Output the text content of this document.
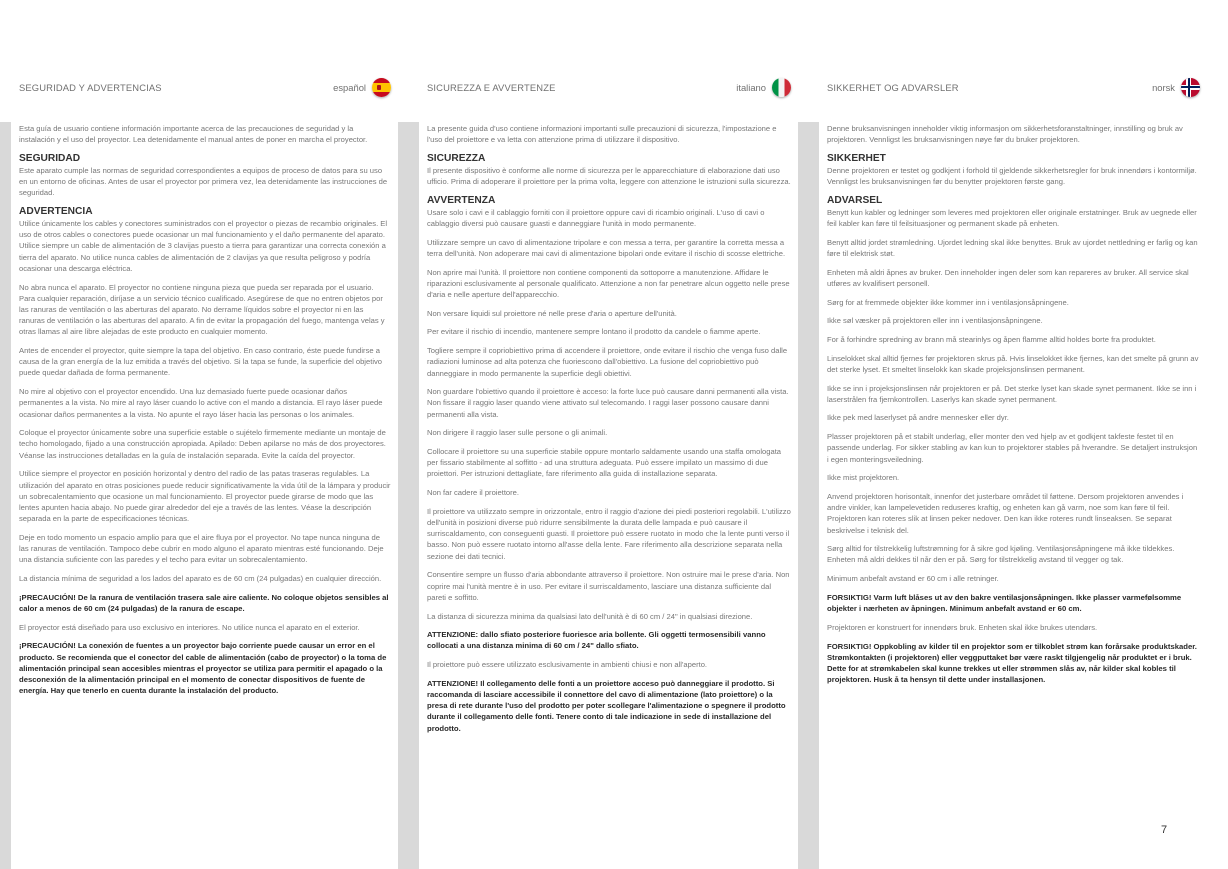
SEGURIDAD Y ADVERTENCIAS	español

Esta guía de usuario contiene información importante acerca de las precauciones de seguridad y la instalación y el uso del proyector. Lea detenidamente el manual antes de poner en marcha el proyector.

SEGURIDAD

Este aparato cumple las normas de seguridad correspondientes a equipos de proceso de datos para su uso en un entorno de oficinas. Antes de usar el proyector por primera vez, lea detenidamente las instrucciones de seguridad.

ADVERTENCIA

Utilice únicamente los cables y conectores suministrados con el proyector o piezas de recambio originales. El uso de otros cables o conectores puede ocasionar un mal funcionamiento y el daño permanente del aparato. Utilice siempre un cable de alimentación de 3 clavijas puesto a tierra para garantizar una correcta conexión a tierra del aparato. No utilice nunca cables de alimentación de 2 clavijas ya que resulta peligroso y podría ocasionar una descarga eléctrica.

No abra nunca el aparato. El proyector no contiene ninguna pieza que pueda ser reparada por el usuario. Para cualquier reparación, diríjase a un servicio técnico cualificado. Asegúrese de que no entren objetos por las ranuras de ventilación o las aberturas del aparato. No derrame líquidos sobre el proyector ni en las ranuras de ventilación o las aberturas del aparato. A fin de evitar la propagación del fuego, mantenga velas y otras llamas al aire libre alejadas de este producto en cualquier momento.

Antes de encender el proyector, quite siempre la tapa del objetivo. En caso contrario, éste puede fundirse a causa de la gran energía de la luz emitida a través del objetivo. Si la tapa se funde, la superficie del objetivo puede quedar dañada de forma permanente.

No mire al objetivo con el proyector encendido. Una luz demasiado fuerte puede ocasionar daños permanentes a la vista. No mire al rayo láser cuando lo active con el mando a distancia. El rayo láser puede ocasionar daños permanentes a la vista. No apunte el rayo láser hacia las personas o los animales.

Coloque el proyector únicamente sobre una superficie estable o sujételo firmemente mediante un montaje de techo homologado, fijado a una construcción apropiada. Apilado: Deben apilarse no más de dos proyectores. Véanse las instrucciones detalladas en la guía de instalación separada. Evite la caída del proyector.

Utilice siempre el proyector en posición horizontal y dentro del radio de las patas traseras regulables. La utilización del aparato en otras posiciones puede reducir significativamente la vida útil de la lámpara y producir un sobrecalentamiento que ocasione un mal funcionamiento. El proyector puede girarse de modo que las lentes apunten hacia abajo. No puede girar alrededor del eje a través de las lentes. Véase la descripción separada en la parte de especificaciones técnicas.

Deje en todo momento un espacio amplio para que el aire fluya por el proyector. No tape nunca ninguna de las ranuras de ventilación. Tampoco debe cubrir en modo alguno el aparato mientras esté funcionando. Deje una distancia suficiente con las paredes y el techo para evitar un sobrecalentamiento.

La distancia mínima de seguridad a los lados del aparato es de 60 cm (24 pulgadas) en cualquier dirección.

¡PRECAUCIÓN! De la ranura de ventilación trasera sale aire caliente. No coloque objetos sensibles al calor a menos de 60 cm (24 pulgadas) de la ranura de escape.

El proyector está diseñado para uso exclusivo en interiores. No utilice nunca el aparato en el exterior.

¡PRECAUCIÓN! La conexión de fuentes a un proyector bajo corriente puede causar un error en el producto. Se recomienda que el conector del cable de alimentación (cabo de proyector) o la toma de alimentación principal sean accesibles mientras el proyector se utiliza para permitir el apagado o la desconexión de la alimentación principal en el momento de conectar dispositivos de fuente de energía. Hay que tenerlo en cuenta durante la instalación del producto.

SICUREZZA E AVVERTENZE	italiano

La presente guida d'uso contiene informazioni importanti sulle precauzioni di sicurezza, l'impostazione e l'uso del proiettore e va letta con attenzione prima di utilizzare il dispositivo.

SICUREZZA

Il presente dispositivo è conforme alle norme di sicurezza per le apparecchiature di elaborazione dati uso ufficio. Prima di adoperare il proiettore per la prima volta, leggere con attenzione le istruzioni sulla sicurezza.

AVVERTENZA

Usare solo i cavi e il cablaggio forniti con il proiettore oppure cavi di ricambio originali. L'uso di cavi o cablaggio diversi può causare guasti e danneggiare l'unità in modo permanente.

Utilizzare sempre un cavo di alimentazione tripolare e con messa a terra, per garantire la corretta messa a terra dell'unità. Non adoperare mai cavi di alimentazione bipolari onde evitare il rischio di scosse elettriche.

Non aprire mai l'unità. Il proiettore non contiene componenti da sottoporre a manutenzione. Affidare le riparazioni esclusivamente al personale qualificato. Attenzione a non far penetrare alcun oggetto nelle prese d'aria e nelle aperture dell'apparecchio.

Non versare liquidi sul proiettore né nelle prese d'aria o aperture dell'unità.

Per evitare il rischio di incendio, mantenere sempre lontano il prodotto da candele o fiamme aperte.

Togliere sempre il copriobiettivo prima di accendere il proiettore, onde evitare il rischio che venga fuso dalle radiazioni luminose ad alta potenza che fuoriescono dall'obiettivo. La fusione del copriobiettivo può danneggiare in modo permanente la superficie degli obiettivi.

Non guardare l'obiettivo quando il proiettore è acceso: la forte luce può causare danni permanenti alla vista. Non fissare il raggio laser quando viene attivato sul telecomando. I raggi laser possono causare danni permanenti alla vista.

Non dirigere il raggio laser sulle persone o gli animali.

Collocare il proiettore su una superficie stabile oppure montarlo saldamente usando una staffa omologata per fissario stabilmente al soffitto - ad una struttura adeguata. Può essere impilato un massimo di due proiettori. Per istruzioni dettagliate, fare riferimento alla guida di installazione separata.

Non far cadere il proiettore.

Il proiettore va utilizzato sempre in orizzontale, entro il raggio d'azione dei piedi posteriori regolabili. L'utilizzo dell'unità in posizioni diverse può ridurre sensibilmente la durata delle lampada e può causare il surriscaldamento, con conseguenti guasti. Il proiettore può essere ruotato in modo che la lente punti verso il basso. Non può essere ruotato intorno all'asse della lente. Fare riferimento alla descrizione separata nella sezione dei dati tecnici.

Consentire sempre un flusso d'aria abbondante attraverso il proiettore. Non ostruire mai le prese d'aria. Non coprire mai l'unità mentre è in uso. Per evitare il surriscaldamento, lasciare una distanza sufficiente dal pareti e soffitto.

La distanza di sicurezza minima da qualsiasi lato dell'unità è di 60 cm / 24" in qualsiasi direzione.

ATTENZIONE: dallo sfiato posteriore fuoriesce aria bollente. Gli oggetti termosensibili vanno collocati a una distanza minima di 60 cm / 24" dallo sfiato.

Il proiettore può essere utilizzato esclusivamente in ambienti chiusi e non all'aperto.

ATTENZIONE! Il collegamento delle fonti a un proiettore acceso può danneggiare il prodotto. Si raccomanda di lasciare accessibile il connettore del cavo di alimentazione (lato proiettore) o la presa di rete durante l'uso del prodotto per poter scollegare l'alimentazione o spegnere il prodotto durante il collegamento delle fonti. Tenere conto di tale indicazione in sede di installazione del prodotto.

SIKKERHET OG ADVARSLER	norsk

Denne bruksanvisningen inneholder viktig informasjon om sikkerhetsforanstaltninger, innstilling og bruk av projektoren. Vennligst les bruksanvisningen nøye før du bruker projektoren.

SIKKERHET

Denne projektoren er testet og godkjent i forhold til gjeldende sikkerhetsregler for bruk innendørs i kontormiljø. Vennligst les bruksanvisningen før du benytter projektoren første gang.

ADVARSEL

Benytt kun kabler og ledninger som leveres med projektoren eller originale erstatninger. Bruk av uegnede eller feil kabler kan føre til feilsituasjoner og permanent skade på enheten.

Benytt alltid jordet strømledning. Ujordet ledning skal ikke benyttes. Bruk av ujordet nettledning er farlig og kan føre til elektrisk støt.

Enheten må aldri åpnes av bruker. Den inneholder ingen deler som kan repareres av bruker. All service skal utføres av kvalifisert personell.

Sørg for at fremmede objekter ikke kommer inn i ventilasjonsåpningene.

Ikke søl væsker på projektoren eller inn i ventilasjonsåpningene.

For å forhindre spredning av brann må stearinlys og åpen flamme alltid holdes borte fra produktet.

Linselokket skal alltid fjernes før projektoren skrus på. Hvis linselokket ikke fjernes, kan det smelte på grunn av det sterke lyset. Et smeltet linselokk kan skade projeksjonslinsen permanent.

Ikke se inn i projeksjonslinsen når projektoren er på. Det sterke lyset kan skade synet permanent. Ikke se inn i laserstrålen fra fjernkontrollen. Laserlys kan skade synet permanent.

Ikke pek med laserlyset på andre mennesker eller dyr.

Plasser projektoren på et stabilt underlag, eller monter den ved hjelp av et godkjent takfeste festet til en passende underlag. For sikker stabling av kan kun to projektorer stables på hverandre. Se detaljert instruksjon i egen monteringsveiledning.

Ikke mist projektoren.

Anvend projektoren horisontalt, innenfor det justerbare området til føttene. Dersom projektoren anvendes i andre vinkler, kan lampelevetiden reduseres kraftig, og enheten kan gå varm, noe som kan føre til feil. Projektoren kan roteres slik at linsen peker nedover. Den kan ikke roteres rundt linseaksen. Se separat beskrivelse i teknisk del.

Sørg alltid for tilstrekkelig luftstrømning for å sikre god kjøling. Ventilasjonsåpningene må ikke tildekkes. Enheten må aldri dekkes til når den er på. Sørg for tilstrekkelig avstand til vegger og tak.

Minimum anbefalt avstand er 60 cm i alle retninger.

FORSIKTIG! Varm luft blåses ut av den bakre ventilasjonsåpningen. Ikke plasser varmefølsomme objekter i nærheten av åpningen. Minimum anbefalt avstand er 60 cm.

Projektoren er konstruert for innendørs bruk. Enheten skal ikke brukes utendørs.

FORSIKTIG! Oppkobling av kilder til en projektor som er tilkoblet strøm kan forårsake produktskader. Strømkontakten (i projektoren) eller veggputtaket bør være raskt tilgjengelig når produktet er i bruk. Dette for at strømkabelen skal kunne trekkes ut eller strømmen slås av, når kilder skal kobles til projektoren. Husk å ta hensyn til dette under installasjonen.

7
